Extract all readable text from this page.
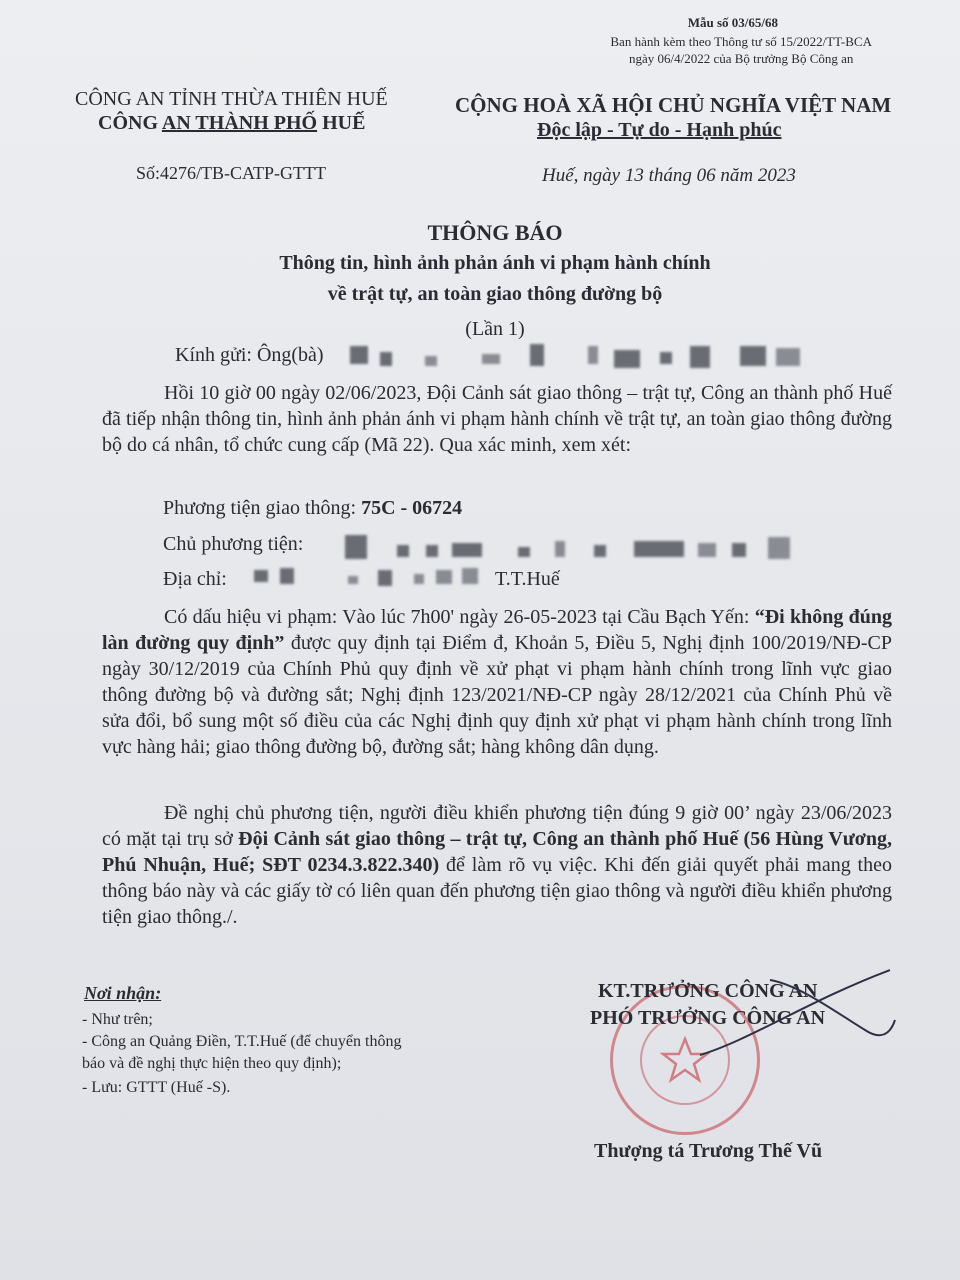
Mẫu số 03/65/68
Ban hành kèm theo Thông tư số 15/2022/TT-BCA
ngày 06/4/2022 của Bộ trưởng Bộ Công an
CÔNG AN TỈNH THỪA THIÊN HUẾ
CÔNG AN THÀNH PHỐ HUẾ
Số:4276/TB-CATP-GTTT
CỘNG HOÀ XÃ HỘI CHỦ NGHĨA VIỆT NAM
Độc lập - Tự do - Hạnh phúc
Huế, ngày 13 tháng 06 năm 2023
THÔNG BÁO
Thông tin, hình ảnh phản ánh vi phạm hành chính
về trật tự, an toàn giao thông đường bộ
(Lần 1)
Kính gửi: Ông(bà)
Hồi 10 giờ 00 ngày 02/06/2023, Đội Cảnh sát giao thông – trật tự, Công an thành phố Huế đã tiếp nhận thông tin, hình ảnh phản ánh vi phạm hành chính về trật tự, an toàn giao thông đường bộ do cá nhân, tổ chức cung cấp (Mã 22). Qua xác minh, xem xét:
Phương tiện giao thông: 75C - 06724
Chủ phương tiện:
Địa chỉ:	T.T.Huế
Có dấu hiệu vi phạm: Vào lúc 7h00' ngày 26-05-2023 tại Cầu Bạch Yến: “Đi không đúng làn đường quy định” được quy định tại Điểm đ, Khoản 5, Điều 5, Nghị định 100/2019/NĐ-CP ngày 30/12/2019 của Chính Phủ quy định về xử phạt vi phạm hành chính trong lĩnh vực giao thông đường bộ và đường sắt; Nghị định 123/2021/NĐ-CP ngày 28/12/2021 của Chính Phủ về sửa đổi, bổ sung một số điều của các Nghị định quy định xử phạt vi phạm hành chính trong lĩnh vực hàng hải; giao thông đường bộ, đường sắt; hàng không dân dụng.
Đề nghị chủ phương tiện, người điều khiển phương tiện đúng 9 giờ 00’ ngày 23/06/2023 có mặt tại trụ sở Đội Cảnh sát giao thông – trật tự, Công an thành phố Huế (56 Hùng Vương, Phú Nhuận, Huế; SĐT 0234.3.822.340) để làm rõ vụ việc. Khi đến giải quyết phải mang theo thông báo này và các giấy tờ có liên quan đến phương tiện giao thông và người điều khiển phương tiện giao thông./.
Nơi nhận:
- Như trên;
- Công an Quảng Điền, T.T.Huế (để chuyển thông
báo và đề nghị thực hiện theo quy định);
- Lưu: GTTT (Huế -S).
KT.TRƯỞNG CÔNG AN
PHÓ TRƯỞNG CÔNG AN
Thượng tá Trương Thế Vũ
